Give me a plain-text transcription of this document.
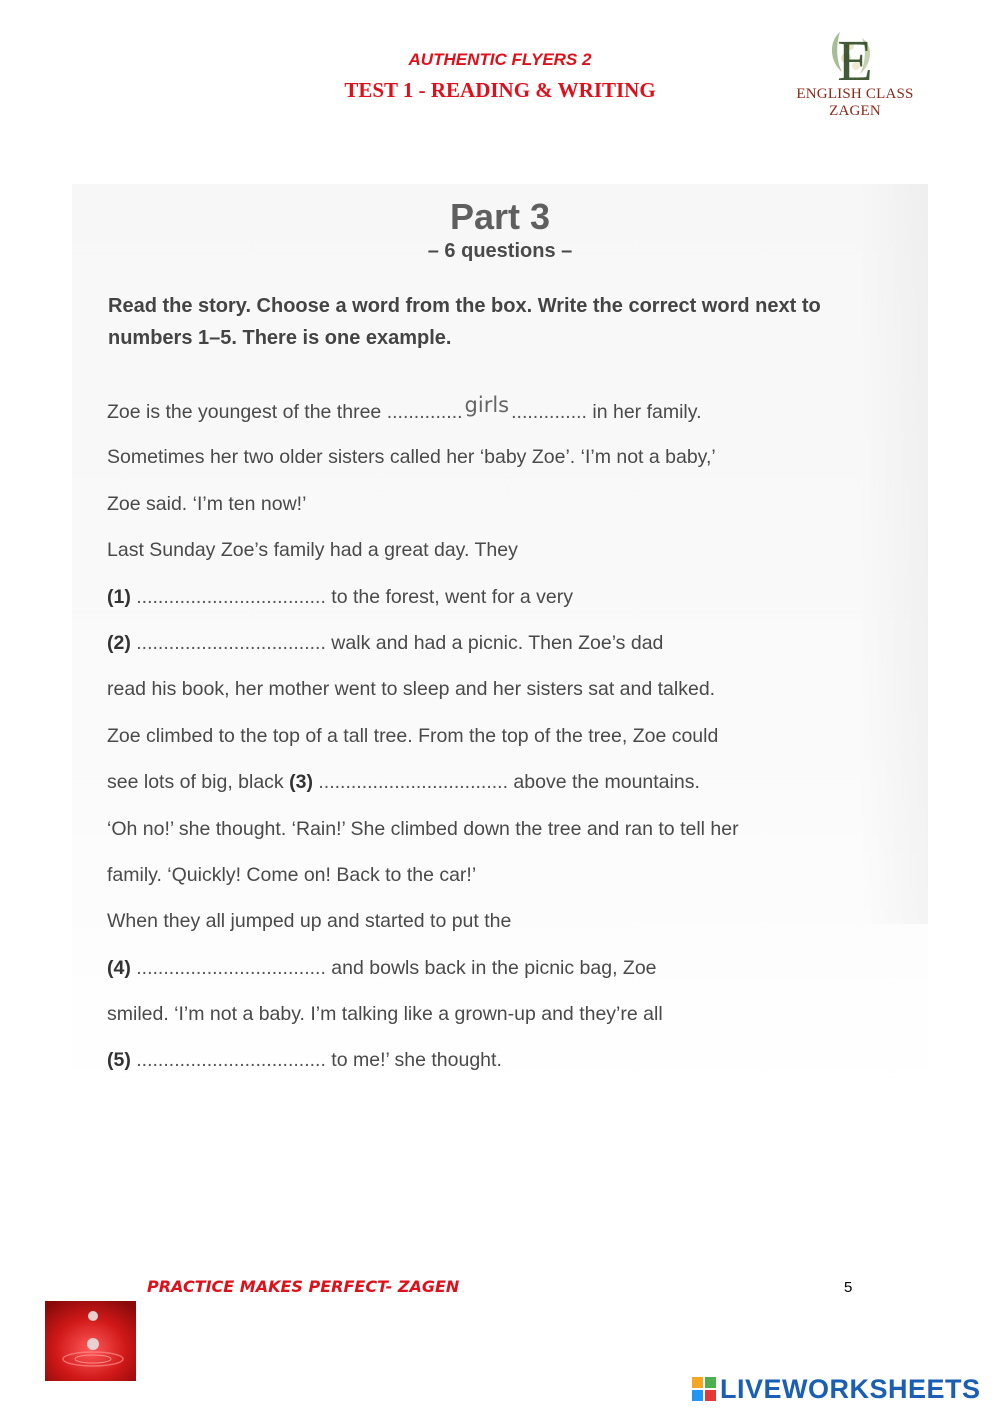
AUTHENTIC FLYERS 2
TEST 1 - READING & WRITING	E
ENGLISH CLASS ZAGEN
Part 3
– 6 questions –
Read the story. Choose a word from the box. Write the correct word next to numbers 1–5. There is one example.
Zoe is the youngest of the three ..............girls .............. in her family.
Sometimes her two older sisters called her ‘baby Zoe’. ‘I’m not a baby,’
Zoe said. ‘I’m ten now!’
Last Sunday Zoe’s family had a great day. They
(1) ................................... to the forest, went for a very
(2) ................................... walk and had a picnic. Then Zoe’s dad
read his book, her mother went to sleep and her sisters sat and talked.
Zoe climbed to the top of a tall tree. From the top of the tree, Zoe could
see lots of big, black (3) ................................... above the mountains.
‘Oh no!’ she thought. ‘Rain!’ She climbed down the tree and ran to tell her
family. ‘Quickly! Come on! Back to the car!’
When they all jumped up and started to put the
(4) ................................... and bowls back in the picnic bag, Zoe
smiled. ‘I’m not a baby. I’m talking like a grown-up and they’re all
(5) ................................... to me!’ she thought.
PRACTICE MAKES PERFECT- ZAGEN	5
LIVEWORKSHEETS
